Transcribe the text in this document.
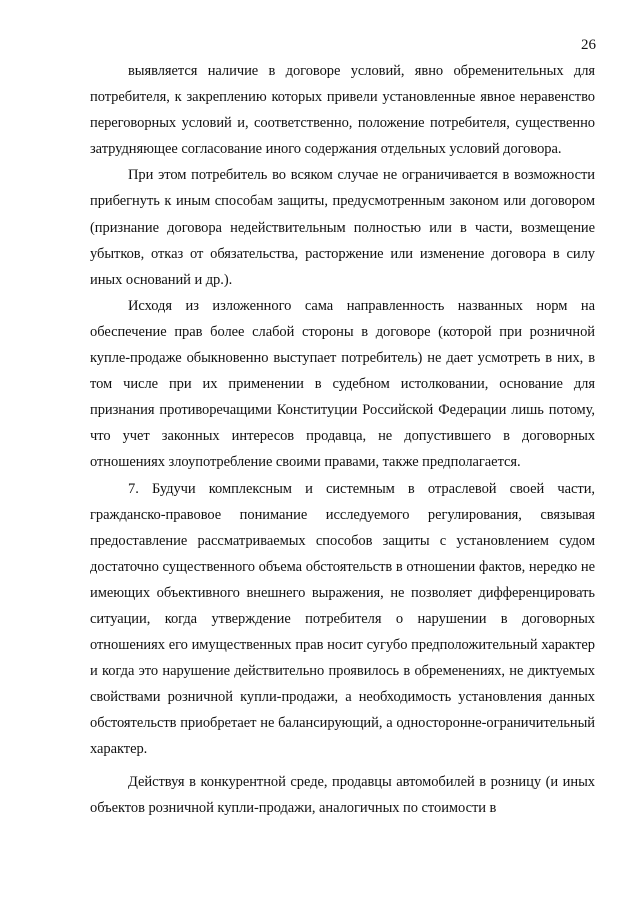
26

выявляется наличие в договоре условий, явно обременительных для потребителя, к закреплению которых привели установленные явное неравенство переговорных условий и, соответственно, положение потребителя, существенно затрудняющее согласование иного содержания отдельных условий договора.

При этом потребитель во всяком случае не ограничивается в возможности прибегнуть к иным способам защиты, предусмотренным законом или договором (признание договора недействительным полностью или в части, возмещение убытков, отказ от обязательства, расторжение или изменение договора в силу иных оснований и др.).

Исходя из изложенного сама направленность названных норм на обеспечение прав более слабой стороны в договоре (которой при розничной купле-продаже обыкновенно выступает потребитель) не дает усмотреть в них, в том числе при их применении в судебном истолковании, основание для признания противоречащими Конституции Российской Федерации лишь потому, что учет законных интересов продавца, не допустившего в договорных отношениях злоупотребление своими правами, также предполагается.

7. Будучи комплексным и системным в отраслевой своей части, гражданско-правовое понимание исследуемого регулирования, связывая предоставление рассматриваемых способов защиты с установлением судом достаточно существенного объема обстоятельств в отношении фактов, нередко не имеющих объективного внешнего выражения, не позволяет дифференцировать ситуации, когда утверждение потребителя о нарушении в договорных отношениях его имущественных прав носит сугубо предположительный характер и когда это нарушение действительно проявилось в обременениях, не диктуемых свойствами розничной купли-продажи, а необходимость установления данных обстоятельств приобретает не балансирующий, а односторонне-ограничительный характер.

Действуя в конкурентной среде, продавцы автомобилей в розницу (и иных объектов розничной купли-продажи, аналогичных по стоимости в
